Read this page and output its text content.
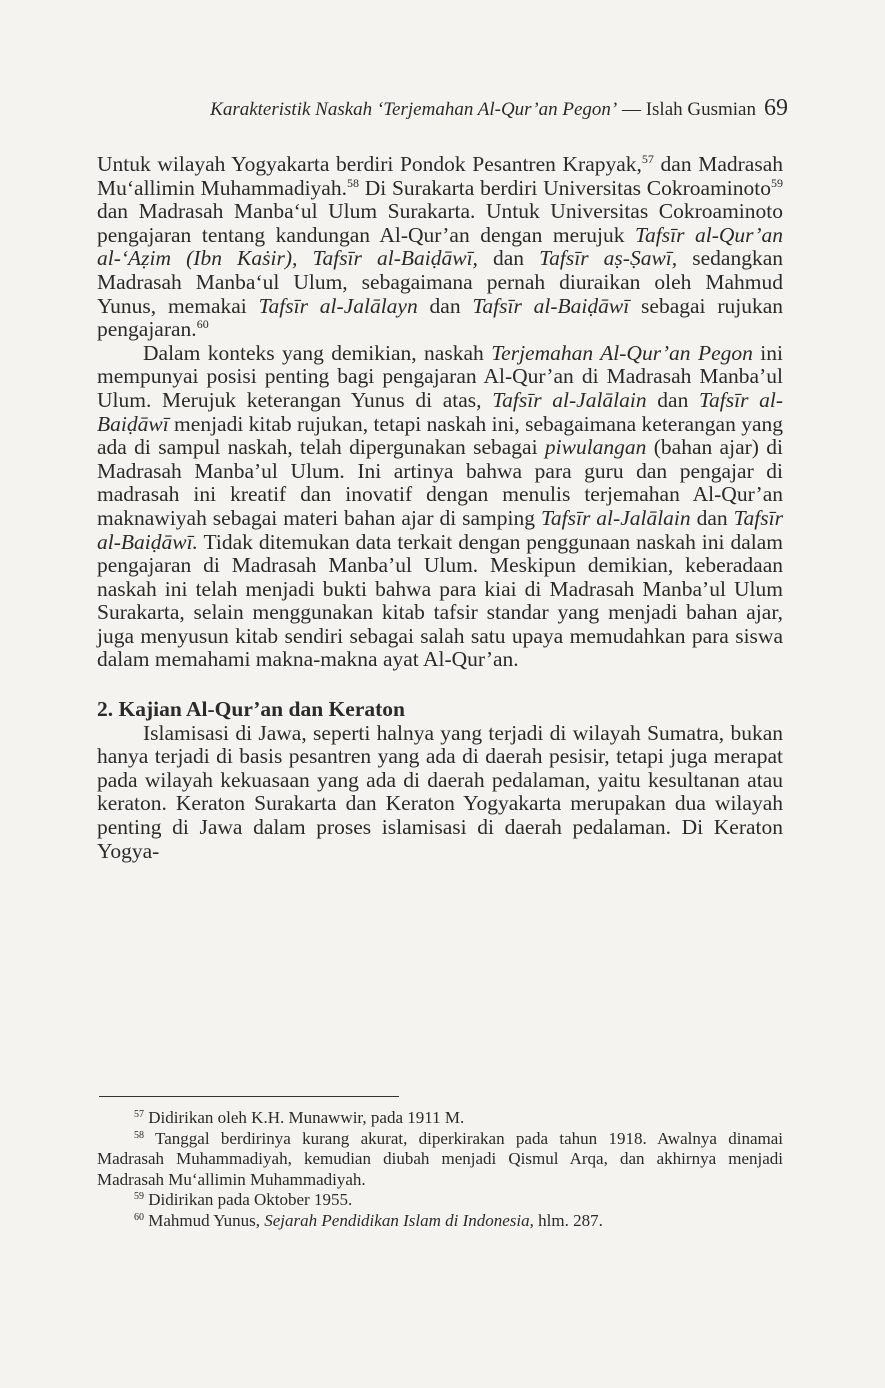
Karakteristik Naskah ‘Terjemahan Al-Qur’an Pegon’ — Islah Gusmian 69

Untuk wilayah Yogyakarta berdiri Pondok Pesantren Krapyak,$^{57}$ dan Madrasah Mu‘allimin Muhammadiyah.$^{58}$ Di Surakarta berdiri Universitas Cokroaminoto$^{59}$ dan Madrasah Manba‘ul Ulum Surakarta. Untuk Universitas Cokroaminoto pengajaran tentang kandungan Al-Qur’an dengan merujuk Tafsīr al-Qur’an al-‘Aẓim (Ibn Kaṡir), Tafsīr al-Baiḍāwī, dan Tafsīr aṣ-Ṣawī, sedangkan Madrasah Manba‘ul Ulum, sebagaimana pernah diuraikan oleh Mahmud Yunus, memakai Tafsīr al-Jalālayn dan Tafsīr al-Baiḍāwī sebagai rujukan pengajaran.$^{60}$

Dalam konteks yang demikian, naskah Terjemahan Al-Qur’an Pegon ini mempunyai posisi penting bagi pengajaran Al-Qur’an di Madrasah Manba’ul Ulum. Merujuk keterangan Yunus di atas, Tafsīr al-Jalālain dan Tafsīr al-Baiḍāwī menjadi kitab rujukan, tetapi naskah ini, sebagaimana keterangan yang ada di sampul naskah, telah dipergunakan sebagai piwulangan (bahan ajar) di Madrasah Manba’ul Ulum. Ini artinya bahwa para guru dan pengajar di madrasah ini kreatif dan inovatif dengan menulis terjemahan Al-Qur’an maknawiyah sebagai materi bahan ajar di samping Tafsīr al-Jalālain dan Tafsīr al-Baiḍāwī. Tidak ditemukan data terkait dengan penggunaan naskah ini dalam pengajaran di Madrasah Manba’ul Ulum. Meskipun demikian, keberadaan naskah ini telah menjadi bukti bahwa para kiai di Madrasah Manba’ul Ulum Surakarta, selain menggunakan kitab tafsir standar yang menjadi bahan ajar, juga menyusun kitab sendiri sebagai salah satu upaya memudahkan para siswa dalam memahami makna-makna ayat Al-Qur’an.

2. Kajian Al-Qur’an dan Keraton

Islamisasi di Jawa, seperti halnya yang terjadi di wilayah Sumatra, bukan hanya terjadi di basis pesantren yang ada di daerah pesisir, tetapi juga merapat pada wilayah kekuasaan yang ada di daerah pedalaman, yaitu kesultanan atau keraton. Keraton Surakarta dan Keraton Yogyakarta merupakan dua wilayah penting di Jawa dalam proses islamisasi di daerah pedalaman. Di Keraton Yogya-

$^{57}$ Didirikan oleh K.H. Munawwir, pada 1911 M.

$^{58}$ Tanggal berdirinya kurang akurat, diperkirakan pada tahun 1918. Awalnya dinamai Madrasah Muhammadiyah, kemudian diubah menjadi Qismul Arqa, dan akhirnya menjadi Madrasah Mu‘allimin Muhammadiyah.

$^{59}$ Didirikan pada Oktober 1955.

$^{60}$ Mahmud Yunus, Sejarah Pendidikan Islam di Indonesia, hlm. 287.
